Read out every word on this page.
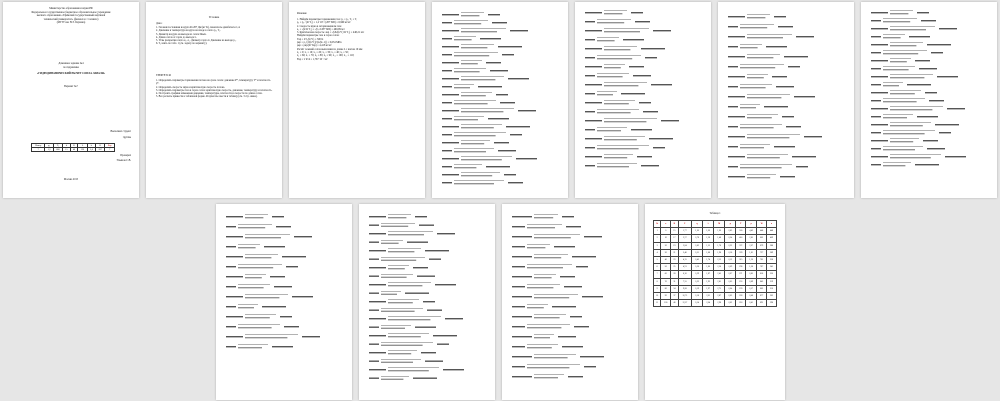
Министерство образования и науки РФ
Федеральное государственное бюджетное образовательное учреждение
высшего образования «Уфимский государственный нефтяной
технический университет» (филиал в г. Салавате)
(МГТУ им. Н.Э. Баумана)
Домашнее задание №4
по гидравлике
«ГИДРОДИНАМИЧЕСКИЙ РАСЧЕТ СОПЛА ЛАВАЛЯ»
Вариант №7
Выполнил студент
группы
Номер	p₀	T₀	d	D	L	k	R	Вар
7	1,2	600	15	40	120	1,4	287	7
Проверил
Ульянов С.В.
Москва 2015
Условие
Дано:
1. Газовая постоянная воздуха R=287 Дж/(кг·К), показатель адиабаты k=1,4.
2. Давление и температура воздуха на входе в сопло p₀, T₀.
3. Диаметр воздуха на выходе из сопла Dвых.
4. Длина сопла от горла до выхода L.
5. Углы раскрытия сопла α₁, α₂. Диаметр горла d. Давление на выходе p₂.
6. T₀ взять по табл. 1 (см. задачу по варианту).
ТРЕБУЕТСЯ:
1. Определить параметры торможения потока на срезе сопла: давление P*, температуру T* и плотность ρ*.
2. Определить скорость звука и критическую скорость потока.
3. Определить параметры газа в горле сопла: критическую скорость, давление, температуру и плотность.
4. Построить графики изменения давления, температуры, плотности и скорости по длине сопла.
5. Все расчеты привести в табличной форме. Результаты свести в таблицу (см. 3 стр. ниже).
Решение
1. Найдём параметры торможения газа: p₀ = p₁, T₀ = T₁
ρ₀ = p₀ / (R·T₀) = 1,2·10⁶ / (287·600) = 6,969 кг/м³
2. Скорость звука в заторможенном газе:
a₀ = √(k·R·T₀) = √(1,4·287·600) = 490,99 м/с
3. Критическая скорость: aкр = √(2k/(k+1)·R·T₀) = 448,21 м/с
Найдём параметры газа в горле сопла:
Tкр = 2T₀/(k+1) = 500 K
pкр = p₀·(2/(k+1))^(k/(k−1)) = 0,634 МПа
ρкр = pкр/(R·Tкр) = 4,418 кг/м³
Расчёт сечений сопла выполним по длине L с шагом 10 мм:
x₀ = 0; x₁ = 10; x₂ = 20; x₃ = 30; x₄ = 40; x₅ = 50;
x₆ = 60; x₇ = 70; x₈ = 80; x₉ = 90; x₁₀ = 100; x₁₁ = 110;
Fкр = π·d²/4 = 1,767·10⁻⁴ м²
Таблица 1
№	x	D	F	q	λ	M	p	T	ρ	W	a
1	0	15	1,77	1,00	1,00	1,00	0,63	500	4,42	448	448
2	10	17	2,27	0,78	1,38	1,48	0,34	416	2,85	602	409
3	20	19	2,84	0,62	1,55	1,76	0,22	372	2,07	679	386
4	30	21	3,46	0,51	1,66	1,96	0,16	339	1,61	727	369
5	40	23	4,15	0,43	1,74	2,12	0,12	315	1,30	761	356
6	50	25	4,91	0,36	1,80	2,26	0,09	296	1,08	787	345
7	60	28	6,16	0,29	1,87	2,45	0,07	271	0,85	818	330
8	70	31	7,55	0,23	1,93	2,61	0,05	253	0,69	843	319
9	80	34	9,08	0,19	1,97	2,75	0,04	239	0,57	862	310
10	90	37	10,75	0,16	2,01	2,87	0,03	228	0,48	877	303
11	100	40	12,57	0,14	2,04	2,98	0,02	218	0,41	891	296
